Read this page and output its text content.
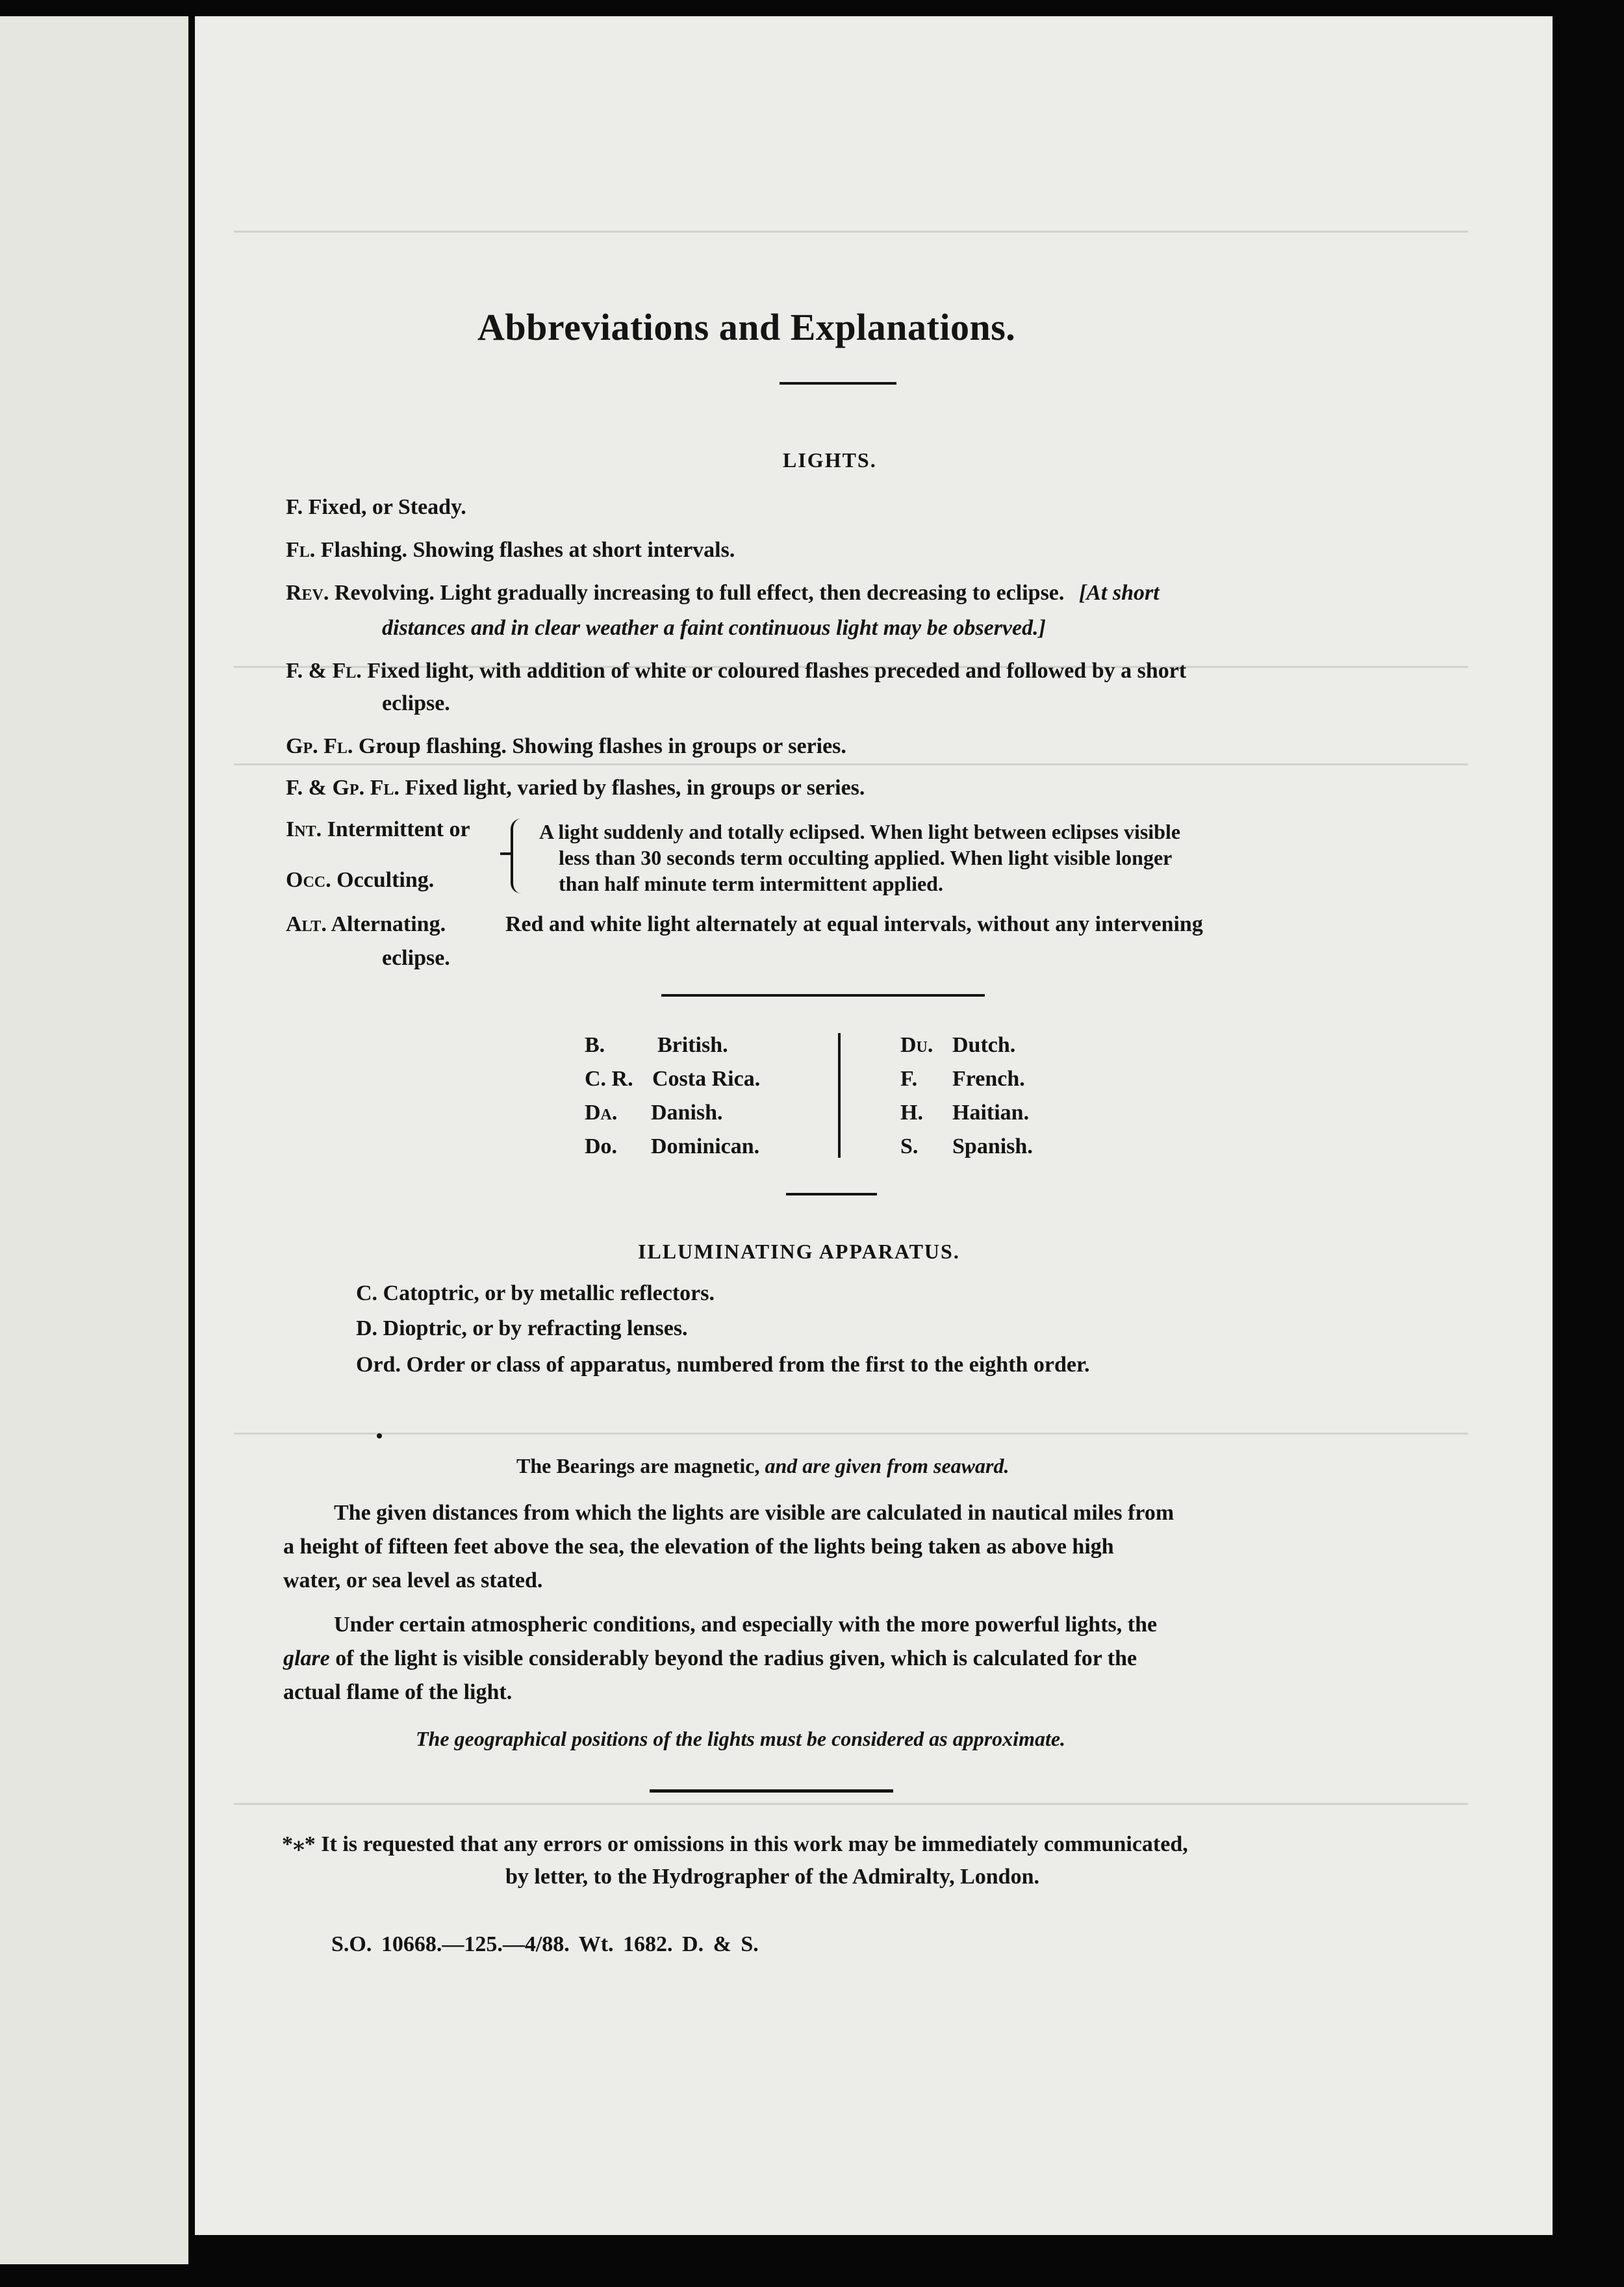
Abbreviations and Explanations.
LIGHTS.
F. Fixed, or Steady.
Fl. Flashing. Showing flashes at short intervals.
Rev. Revolving. Light gradually increasing to full effect, then decreasing to eclipse. [At short
distances and in clear weather a faint continuous light may be observed.]
F. & Fl. Fixed light, with addition of white or coloured flashes preceded and followed by a short
eclipse.
Gp. Fl. Group flashing. Showing flashes in groups or series.
F. & Gp. Fl. Fixed light, varied by flashes, in groups or series.
Int. Intermittent or
Occ. Occulting.
A light suddenly and totally eclipsed. When light between eclipses visible
less than 30 seconds term occulting applied. When light visible longer
than half minute term intermittent applied.
Alt. Alternating.	Red and white light alternately at equal intervals, without any intervening
eclipse.
B. British.
C. R. Costa Rica.
Da. Danish.
Do. Dominican.
Du. Dutch.
F. French.
H. Haitian.
S. Spanish.
ILLUMINATING APPARATUS.
C. Catoptric, or by metallic reflectors.
D. Dioptric, or by refracting lenses.
Ord. Order or class of apparatus, numbered from the first to the eighth order.
The Bearings are magnetic, and are given from seaward.
The given distances from which the lights are visible are calculated in nautical miles from
a height of fifteen feet above the sea, the elevation of the lights being taken as above high
water, or sea level as stated.
Under certain atmospheric conditions, and especially with the more powerful lights, the
glare of the light is visible considerably beyond the radius given, which is calculated for the
actual flame of the light.
The geographical positions of the lights must be considered as approximate.
*⁎* It is requested that any errors or omissions in this work may be immediately communicated,
by letter, to the Hydrographer of the Admiralty, London.
S.O. 10668.—125.—4/88. Wt. 1682. D. & S.
